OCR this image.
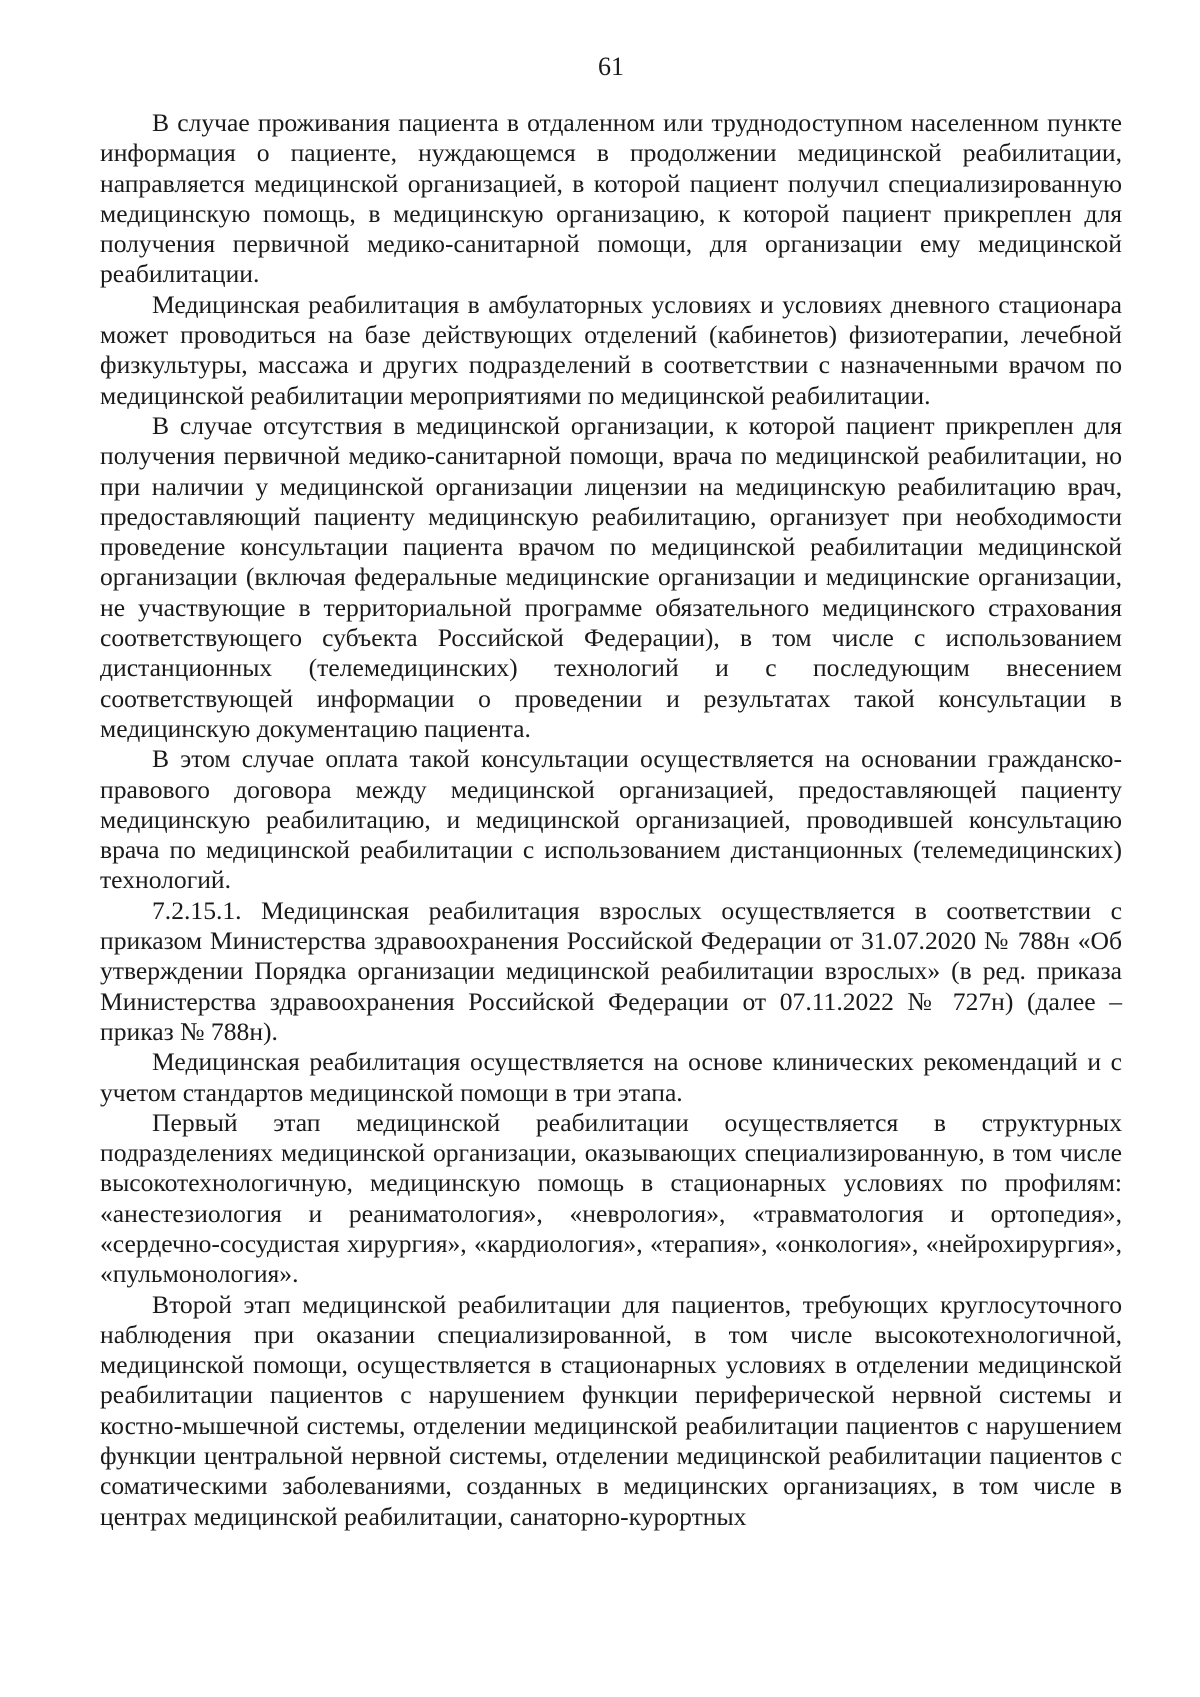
61

В случае проживания пациента в отдаленном или труднодоступном населенном пункте информация о пациенте, нуждающемся в продолжении медицинской реабилитации, направляется медицинской организацией, в которой пациент получил специализированную медицинскую помощь, в медицинскую организацию, к которой пациент прикреплен для получения первичной медико-санитарной помощи, для организации ему медицинской реабилитации.

Медицинская реабилитация в амбулаторных условиях и условиях дневного стационара может проводиться на базе действующих отделений (кабинетов) физиотерапии, лечебной физкультуры, массажа и других подразделений в соответствии с назначенными врачом по медицинской реабилитации мероприятиями по медицинской реабилитации.

В случае отсутствия в медицинской организации, к которой пациент прикреплен для получения первичной медико-санитарной помощи, врача по медицинской реабилитации, но при наличии у медицинской организации лицензии на медицинскую реабилитацию врач, предоставляющий пациенту медицинскую реабилитацию, организует при необходимости проведение консультации пациента врачом по медицинской реабилитации медицинской организации (включая федеральные медицинские организации и медицинские организации, не участвующие в территориальной программе обязательного медицинского страхования соответствующего субъекта Российской Федерации), в том числе с использованием дистанционных (телемедицинских) технологий и с последующим внесением соответствующей информации о проведении и результатах такой консультации в медицинскую документацию пациента.

В этом случае оплата такой консультации осуществляется на основании гражданско-правового договора между медицинской организацией, предоставляющей пациенту медицинскую реабилитацию, и медицинской организацией, проводившей консультацию врача по медицинской реабилитации с использованием дистанционных (телемедицинских) технологий.

7.2.15.1. Медицинская реабилитация взрослых осуществляется в соответствии с приказом Министерства здравоохранения Российской Федерации от 31.07.2020 № 788н «Об утверждении Порядка организации медицинской реабилитации взрослых» (в ред. приказа Министерства здравоохранения Российской Федерации от 07.11.2022 № 727н) (далее – приказ № 788н).

Медицинская реабилитация осуществляется на основе клинических рекомендаций и с учетом стандартов медицинской помощи в три этапа.

Первый этап медицинской реабилитации осуществляется в структурных подразделениях медицинской организации, оказывающих специализированную, в том числе высокотехнологичную, медицинскую помощь в стационарных условиях по профилям: «анестезиология и реаниматология», «неврология», «травматология и ортопедия», «сердечно-сосудистая хирургия», «кардиология», «терапия», «онкология», «нейрохирургия», «пульмонология».

Второй этап медицинской реабилитации для пациентов, требующих круглосуточного наблюдения при оказании специализированной, в том числе высокотехнологичной, медицинской помощи, осуществляется в стационарных условиях в отделении медицинской реабилитации пациентов с нарушением функции периферической нервной системы и костно-мышечной системы, отделении медицинской реабилитации пациентов с нарушением функции центральной нервной системы, отделении медицинской реабилитации пациентов с соматическими заболеваниями, созданных в медицинских организациях, в том числе в центрах медицинской реабилитации, санаторно-курортных
